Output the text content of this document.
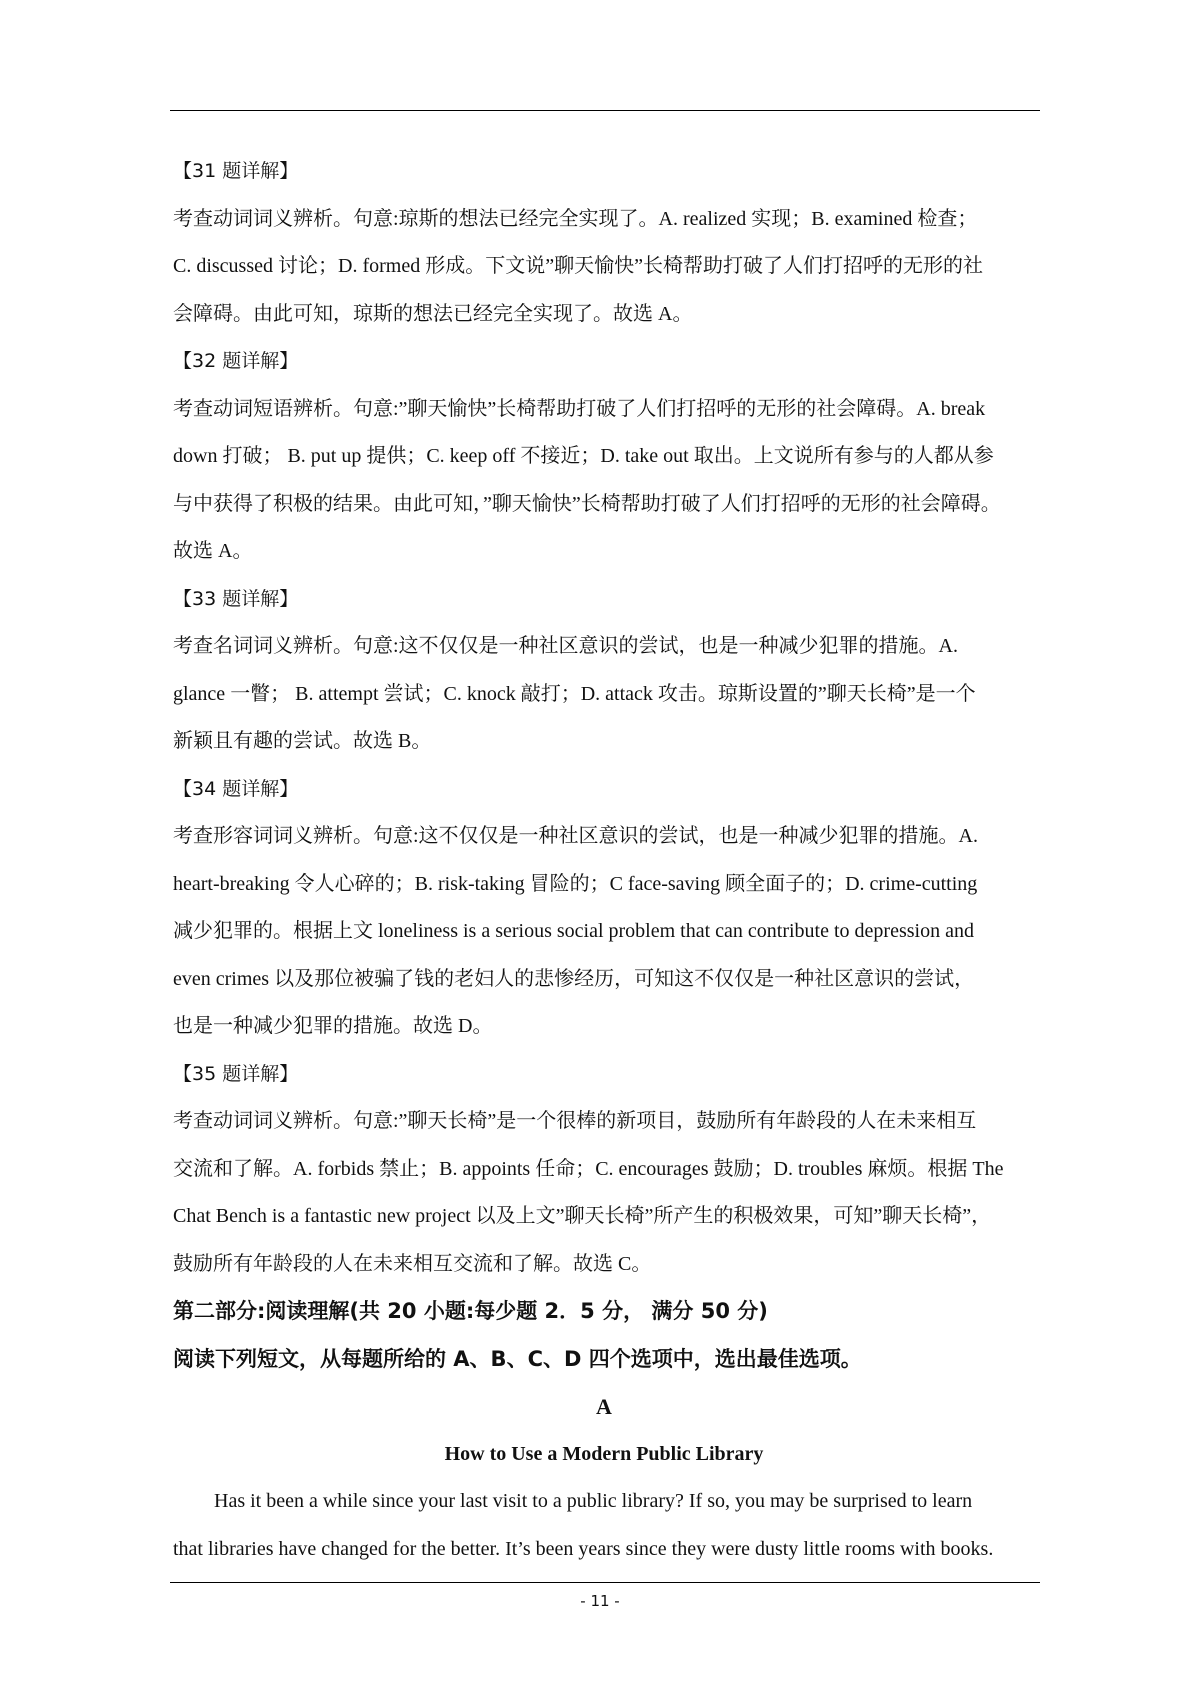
【31 题详解】
考查动词词义辨析。句意:琼斯的想法已经完全实现了。A. realized 实现；B. examined 检查；
C. discussed 讨论；D. formed 形成。下文说”聊天愉快”长椅帮助打破了人们打招呼的无形的社
会障碍。由此可知，琼斯的想法已经完全实现了。故选 A。
【32 题详解】
考查动词短语辨析。句意:”聊天愉快”长椅帮助打破了人们打招呼的无形的社会障碍。A. break
down 打破； B. put up 提供；C. keep off 不接近；D. take out 取出。上文说所有参与的人都从参
与中获得了积极的结果。由此可知，”聊天愉快”长椅帮助打破了人们打招呼的无形的社会障碍。
故选 A。
【33 题详解】
考查名词词义辨析。句意:这不仅仅是一种社区意识的尝试，也是一种减少犯罪的措施。A.
glance 一瞥； B. attempt 尝试；C. knock 敲打；D. attack 攻击。琼斯设置的”聊天长椅”是一个
新颖且有趣的尝试。故选 B。
【34 题详解】
考查形容词词义辨析。句意:这不仅仅是一种社区意识的尝试，也是一种减少犯罪的措施。A.
heart-breaking 令人心碎的；B. risk-taking 冒险的；C face-saving 顾全面子的；D. crime-cutting
减少犯罪的。根据上文 loneliness is a serious social problem that can contribute to depression and
even crimes 以及那位被骗了钱的老妇人的悲惨经历，可知这不仅仅是一种社区意识的尝试，
也是一种减少犯罪的措施。故选 D。
【35 题详解】
考查动词词义辨析。句意:”聊天长椅”是一个很棒的新项目，鼓励所有年龄段的人在未来相互
交流和了解。A. forbids 禁止；B. appoints 任命；C. encourages 鼓励；D. troubles 麻烦。根据 The
Chat Bench is a fantastic new project 以及上文”聊天长椅”所产生的积极效果，可知”聊天长椅”，
鼓励所有年龄段的人在未来相互交流和了解。故选 C。
第二部分:阅读理解(共 20 小题:每少题 2．5 分， 满分 50 分)
阅读下列短文，从每题所给的 A、B、C、D 四个选项中，选出最佳选项。
A
How to Use a Modern Public Library
Has it been a while since your last visit to a public library? If so, you may be surprised to learn
that libraries have changed for the better. It’s been years since they were dusty little rooms with books.
- 11 -
